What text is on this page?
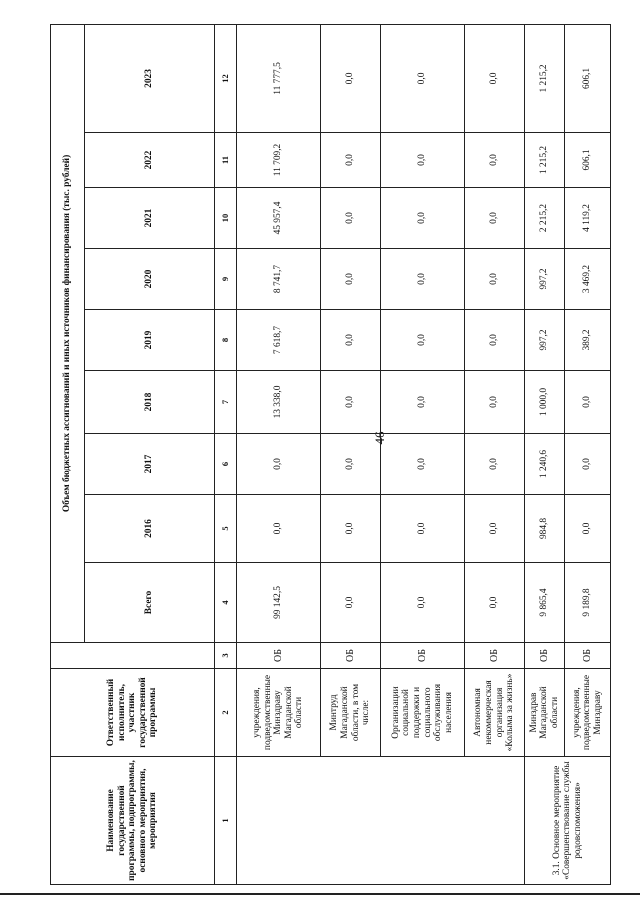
46
Наименование государственной программы, подпрограммы, основного мероприятия, мероприятия	Ответственный исполнитель, участник государственной программы		Объем бюджетных ассигнований и иных источников финансирования (тыс. рублей)								
			Всего	2016	2017	2018	2019	2020	2021	2022	2023
1	2	3	4	5	6	7	8	9	10	11	12
	учреждения, подведомственные Минздраву Магаданской области	ОБ	99 142,5	0,0	0,0	13 338,0	7 618,7	8 741,7	45 957,4	11 709,2	11 777,5
	Минтруд Магаданской области, в том числе:	ОБ	0,0	0,0	0,0	0,0	0,0	0,0	0,0	0,0	0,0
	Организации социальной поддержки и социального обслуживания населения	ОБ	0,0	0,0	0,0	0,0	0,0	0,0	0,0	0,0	0,0
	Автономная некоммерческая организация «Колыма за жизнь»	ОБ	0,0	0,0	0,0	0,0	0,0	0,0	0,0	0,0	0,0
3.1. Основное мероприятие «Совершенствование службы родовспоможения»	Минздрав Магаданской области	ОБ	9 865,4	984,8	1 240,6	1 000,0	997,2	997,2	2 215,2	1 215,2	1 215,2
	учреждения, подведомственные Минздраву	ОБ	9 189,8	0,0	0,0	0,0	389,2	3 469,2	4 119,2	606,1	606,1
